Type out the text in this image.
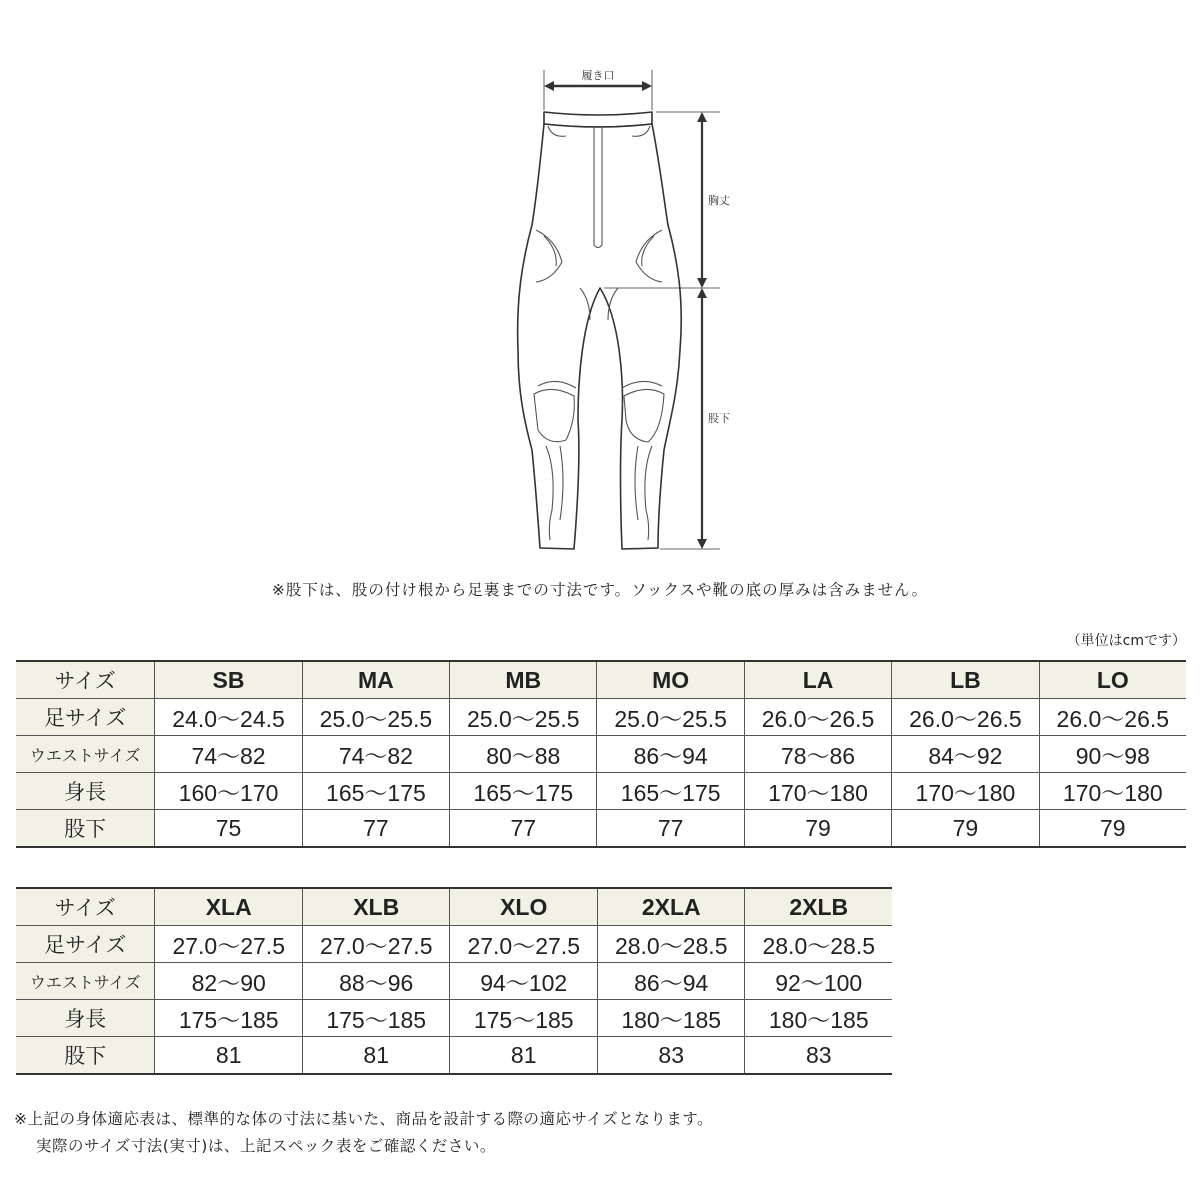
履き口
胸丈
股下
※股下は、股の付け根から足裏までの寸法です。ソックスや靴の底の厚みは含みません。
（単位はcmです）
サイズ	SB	MA	MB	MO	LA	LB	LO
足サイズ	24.0〜24.5	25.0〜25.5	25.0〜25.5	25.0〜25.5	26.0〜26.5	26.0〜26.5	26.0〜26.5
ウエストサイズ	74〜82	74〜82	80〜88	86〜94	78〜86	84〜92	90〜98
身長	160〜170	165〜175	165〜175	165〜175	170〜180	170〜180	170〜180
股下	75	77	77	77	79	79	79
サイズ	XLA	XLB	XLO	2XLA	2XLB
足サイズ	27.0〜27.5	27.0〜27.5	27.0〜27.5	28.0〜28.5	28.0〜28.5
ウエストサイズ	82〜90	88〜96	94〜102	86〜94	92〜100
身長	175〜185	175〜185	175〜185	180〜185	180〜185
股下	81	81	81	83	83
※上記の身体適応表は、標準的な体の寸法に基いた、商品を設計する際の適応サイズとなります。
実際のサイズ寸法(実寸)は、上記スペック表をご確認ください。
